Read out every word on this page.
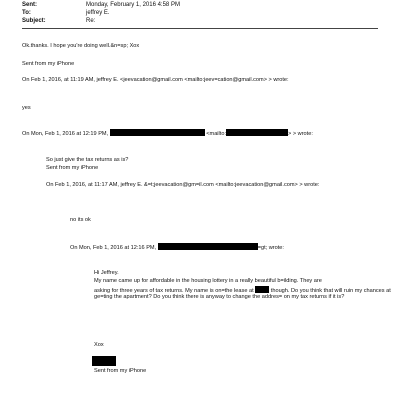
Sent:	Monday, February 1, 2016 4:58 PM
To:	jeffrey E.
Subject:	Re:
Ok.thanks. I hope you're doing well.&n=sp; Xox
Sent from my iPhone
On Feb 1, 2016, at 11:19 AM, jeffrey E. <jeevacation@gmail.com <mailto:jeev=cation@gmail.com> > wrote:
yes
On Mon, Feb 1, 2016 at 12:19 PM,	<mailto:	> > wrote:
So just give the tax returns as is?
Sent from my iPhone
On Feb 1, 2016, at 11:17 AM, jeffrey E. &=t;jeevacation@gm=il.com <mailto:jeevacation@gmail.com> > wrote:
no its ok
On Mon, Feb 1, 2016 at 12:16 PM,	=gt; wrote:
Hi Jeffrey.
My name came up for affordable in the housing lottery in a really beautiful b=ilding. They are
asking for three years of tax returns. My name is on=the lease at	though. Do you think that will ruin my chances at
ge=ting the apartment? Do you think there is anyway to change the addres= on my tax returns if it is?
Xox
Sent from my iPhone
